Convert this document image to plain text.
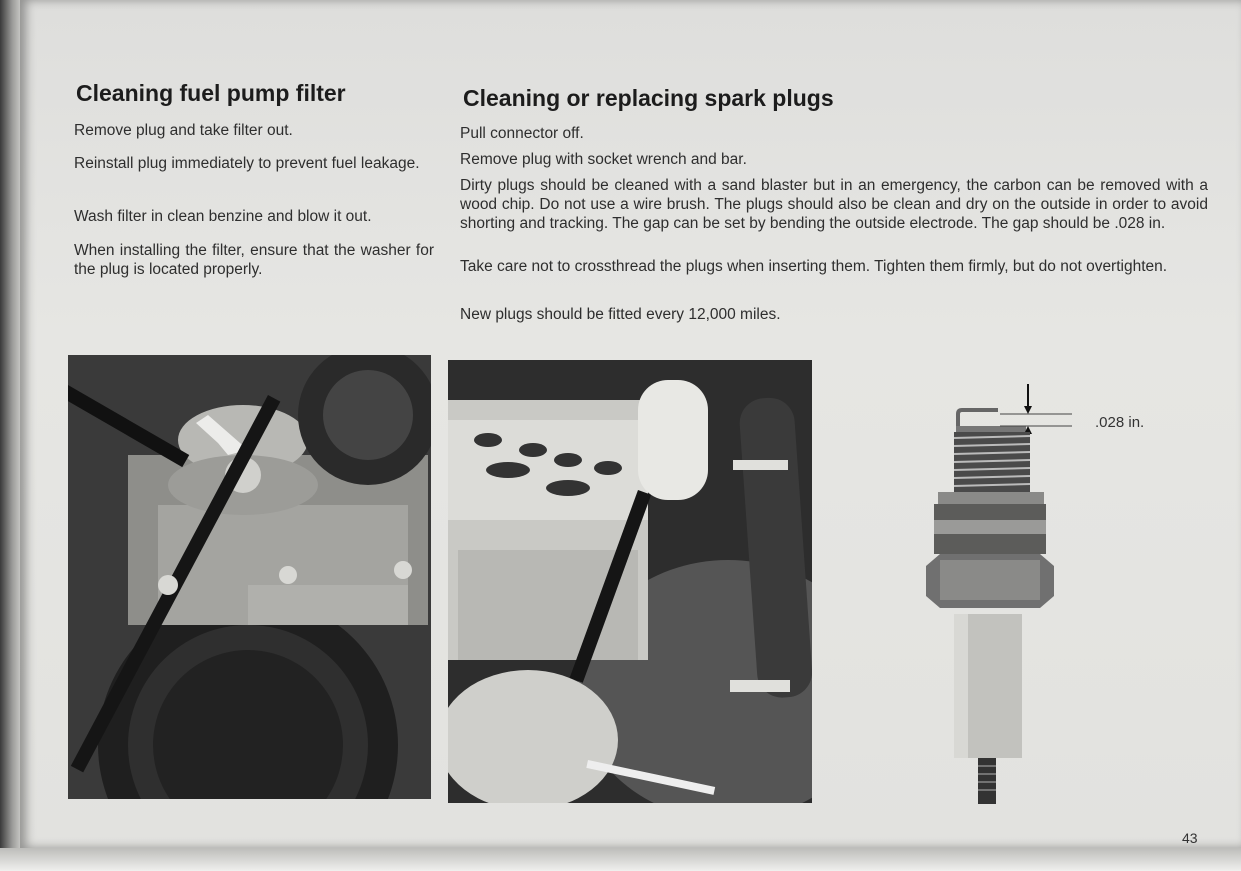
Cleaning fuel pump filter

Remove plug and take filter out.

Reinstall plug immediately to prevent fuel leakage.

Wash filter in clean benzine and blow it out.

When installing the filter, ensure that the washer for the plug is located properly.

Cleaning or replacing spark plugs

Pull connector off.

Remove plug with socket wrench and bar.

Dirty plugs should be cleaned with a sand blaster but in an emergency, the carbon can be removed with a wood chip. Do not use a wire brush. The plugs should also be clean and dry on the outside in order to avoid shorting and tracking. The gap can be set by bending the outside electrode. The gap should be .028 in.

Take care not to crossthread the plugs when inserting them. Tighten them firmly, but do not overtighten.

New plugs should be fitted every 12,000 miles.

.028 in.
43
